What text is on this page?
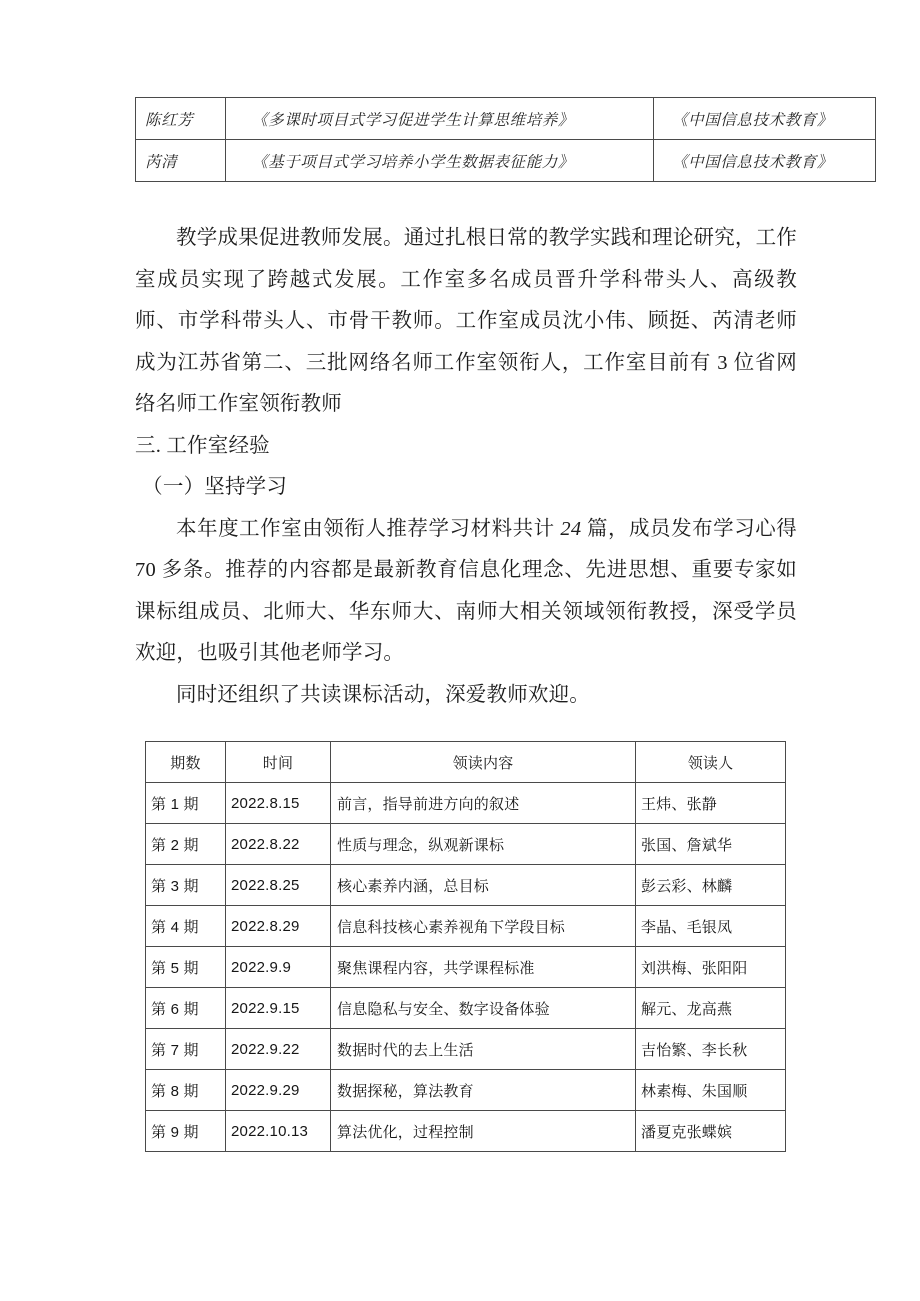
陈红芳	《多课时项目式学习促进学生计算思维培养》	《中国信息技术教育》
芮清	《基于项目式学习培养小学生数据表征能力》	《中国信息技术教育》

教学成果促进教师发展。通过扎根日常的教学实践和理论研究，工作室成员实现了跨越式发展。工作室多名成员晋升学科带头人、高级教师、市学科带头人、市骨干教师。工作室成员沈小伟、顾挺、芮清老师成为江苏省第二、三批网络名师工作室领衔人，工作室目前有 3 位省网络名师工作室领衔教师

三. 工作室经验

（一）坚持学习

本年度工作室由领衔人推荐学习材料共计 24 篇，成员发布学习心得 70 多条。推荐的内容都是最新教育信息化理念、先进思想、重要专家如课标组成员、北师大、华东师大、南师大相关领域领衔教授，深受学员欢迎，也吸引其他老师学习。

同时还组织了共读课标活动，深爱教师欢迎。

期数	时间	领读内容	领读人
第 1 期	2022.8.15	前言，指导前进方向的叙述	王炜、张静
第 2 期	2022.8.22	性质与理念，纵观新课标	张国、詹斌华
第 3 期	2022.8.25	核心素养内涵，总目标	彭云彩、林麟
第 4 期	2022.8.29	信息科技核心素养视角下学段目标	李晶、毛银凤
第 5 期	2022.9.9	聚焦课程内容，共学课程标准	刘洪梅、张阳阳
第 6 期	2022.9.15	信息隐私与安全、数字设备体验	解元、龙高燕
第 7 期	2022.9.22	数据时代的去上生活	吉怡繁、李长秋
第 8 期	2022.9.29	数据探秘，算法教育	林素梅、朱国顺
第 9 期	2022.10.13	算法优化，过程控制	潘夏克张蝶嫔
